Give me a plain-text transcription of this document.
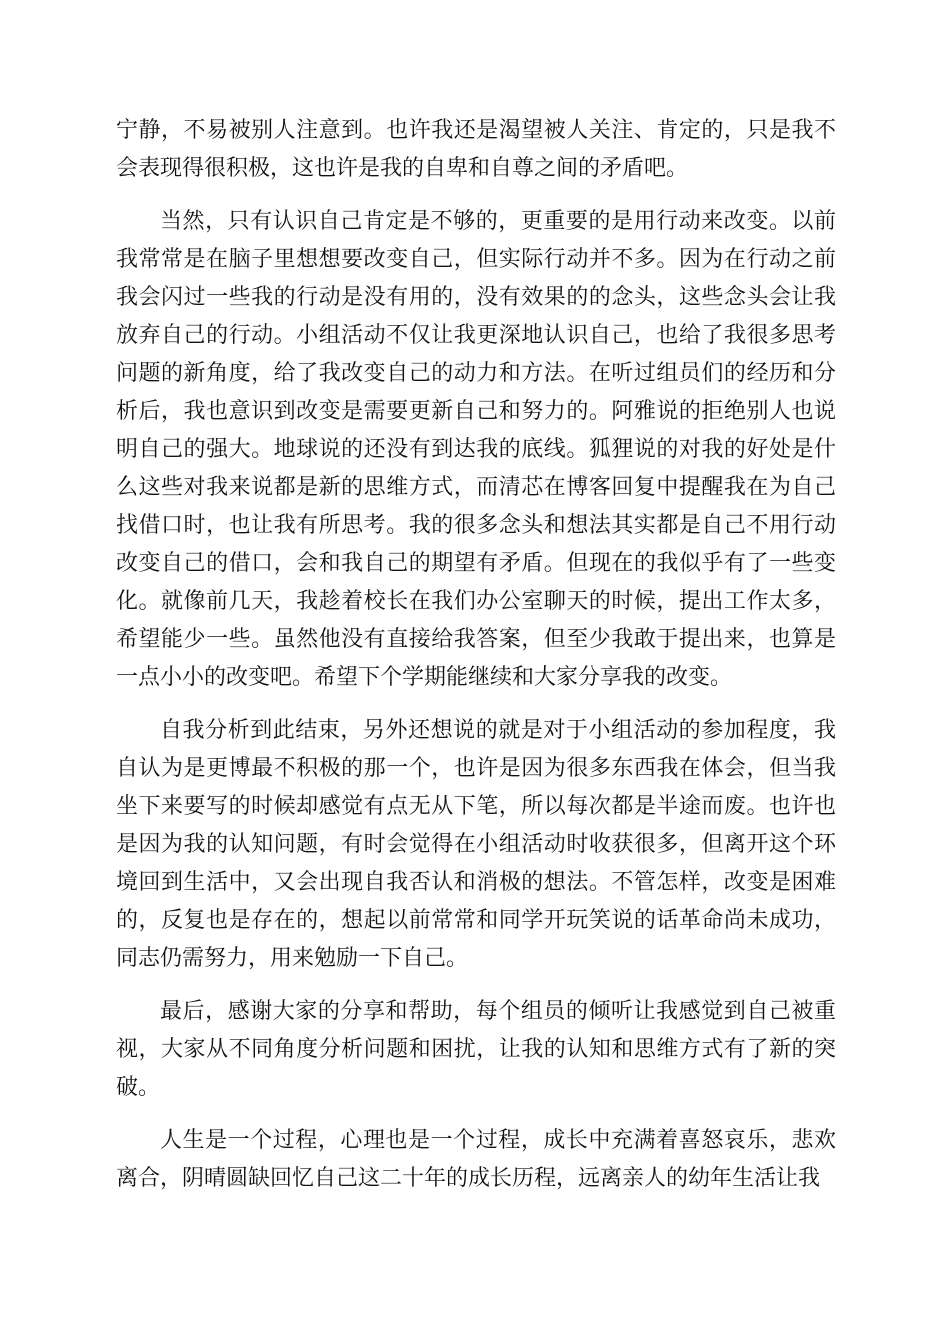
宁静，不易被别人注意到。也许我还是渴望被人关注、肯定的，只是我不会表现得很积极，这也许是我的自卑和自尊之间的矛盾吧。

当然，只有认识自己肯定是不够的，更重要的是用行动来改变。以前我常常是在脑子里想想要改变自己，但实际行动并不多。因为在行动之前我会闪过一些我的行动是没有用的，没有效果的的念头，这些念头会让我放弃自己的行动。小组活动不仅让我更深地认识自己，也给了我很多思考问题的新角度，给了我改变自己的动力和方法。在听过组员们的经历和分析后，我也意识到改变是需要更新自己和努力的。阿雅说的拒绝别人也说明自己的强大。地球说的还没有到达我的底线。狐狸说的对我的好处是什么这些对我来说都是新的思维方式，而清芯在博客回复中提醒我在为自己找借口时，也让我有所思考。我的很多念头和想法其实都是自己不用行动改变自己的借口，会和我自己的期望有矛盾。但现在的我似乎有了一些变化。就像前几天，我趁着校长在我们办公室聊天的时候，提出工作太多，希望能少一些。虽然他没有直接给我答案，但至少我敢于提出来，也算是一点小小的改变吧。希望下个学期能继续和大家分享我的改变。

自我分析到此结束，另外还想说的就是对于小组活动的参加程度，我自认为是更博最不积极的那一个，也许是因为很多东西我在体会，但当我坐下来要写的时候却感觉有点无从下笔，所以每次都是半途而废。也许也是因为我的认知问题，有时会觉得在小组活动时收获很多，但离开这个环境回到生活中，又会出现自我否认和消极的想法。不管怎样，改变是困难的，反复也是存在的，想起以前常常和同学开玩笑说的话革命尚未成功，同志仍需努力，用来勉励一下自己。

最后，感谢大家的分享和帮助，每个组员的倾听让我感觉到自己被重视，大家从不同角度分析问题和困扰，让我的认知和思维方式有了新的突破。

人生是一个过程，心理也是一个过程，成长中充满着喜怒哀乐，悲欢离合，阴晴圆缺回忆自己这二十年的成长历程，远离亲人的幼年生活让我
